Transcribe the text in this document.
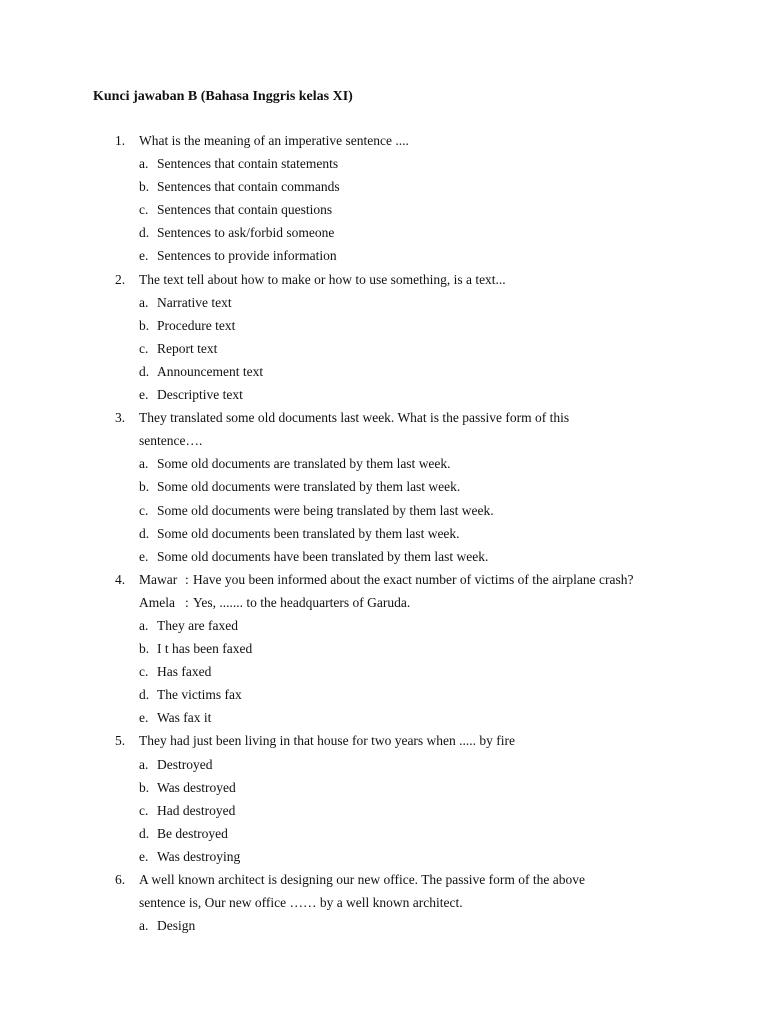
Kunci jawaban B (Bahasa Inggris kelas XI)
1.	What is the meaning of an imperative sentence ....
a. Sentences that contain statements
b. Sentences that contain commands
c. Sentences that contain questions
d. Sentences to ask/forbid someone
e. Sentences to provide information
2.	The text tell about how to make or how to use something, is a text...
a. Narrative text
b. Procedure text
c. Report text
d. Announcement text
e. Descriptive text
3.	They translated some old documents last week. What is the passive form of this
sentence….
a. Some old documents are translated by them last week.
b. Some old documents were translated by them last week.
c. Some old documents were being translated by them last week.
d. Some old documents been translated by them last week.
e. Some old documents have been translated by them last week.
4.	Mawar : Have you been informed about the exact number of victims of the airplane crash?
Amela : Yes, ....... to the headquarters of Garuda.
a. They are faxed
b. I t has been faxed
c. Has faxed
d. The victims fax
e. Was fax it
5.	They had just been living in that house for two years when ..... by fire
a. Destroyed
b. Was destroyed
c. Had destroyed
d. Be destroyed
e. Was destroying
6.	A well known architect is designing our new office. The passive form of the above
sentence is, Our new office …… by a well known architect.
a. Design
